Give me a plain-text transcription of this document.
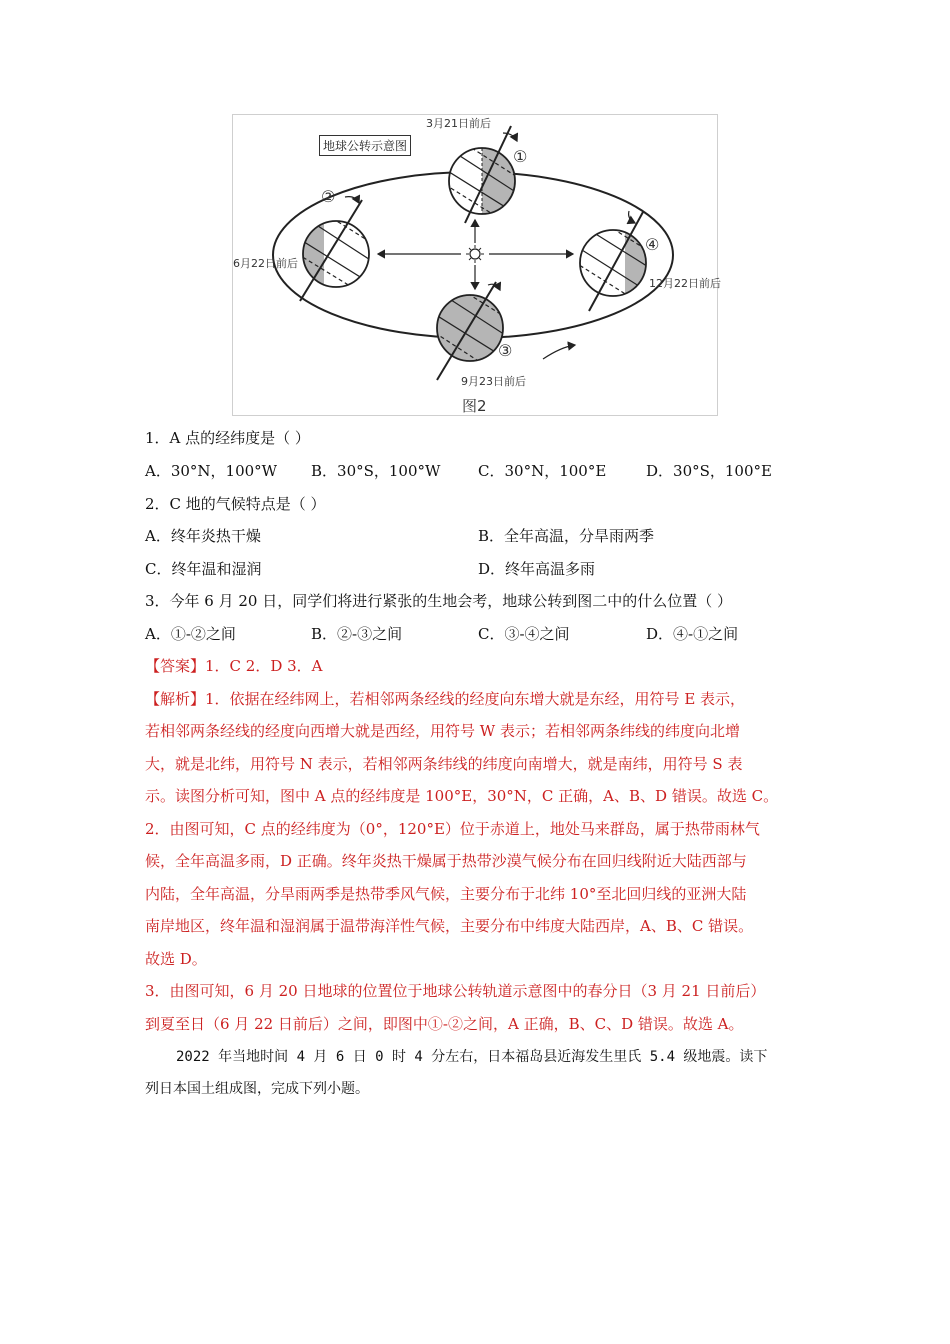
地球公转示意图
3月21日前后
6月22日前后
9月23日前后
12月22日前后
①
②
③
④
图2
1．A 点的经纬度是（ ）
A．30°N，100°W B．30°S，100°W	C．30°N，100°E	D．30°S，100°E
2．C 地的气候特点是（ ）
A．终年炎热干燥	B．全年高温，分旱雨两季
C．终年温和湿润	D．终年高温多雨
3．今年 6 月 20 日，同学们将进行紧张的生地会考，地球公转到图二中的什么位置（ ）
A．①-②之间	B．②-③之间	C．③-④之间	D．④-①之间
【答案】1．C 2．D 3．A
【解析】1．依据在经纬网上，若相邻两条经线的经度向东增大就是东经，用符号 E 表示，
若相邻两条经线的经度向西增大就是西经，用符号 W 表示；若相邻两条纬线的纬度向北增
大，就是北纬，用符号 N 表示，若相邻两条纬线的纬度向南增大，就是南纬，用符号 S 表
示。读图分析可知，图中 A 点的经纬度是 100°E，30°N，C 正确，A、B、D 错误。故选 C。
2．由图可知，C 点的经纬度为（0°，120°E）位于赤道上，地处马来群岛，属于热带雨林气
候，全年高温多雨，D 正确。终年炎热干燥属于热带沙漠气候分布在回归线附近大陆西部与
内陆，全年高温，分旱雨两季是热带季风气候，主要分布于北纬 10°至北回归线的亚洲大陆
南岸地区，终年温和湿润属于温带海洋性气候，主要分布中纬度大陆西岸，A、B、C 错误。
故选 D。
3．由图可知，6 月 20 日地球的位置位于地球公转轨道示意图中的春分日（3 月 21 日前后）
到夏至日（6 月 22 日前后）之间，即图中①-②之间，A 正确，B、C、D 错误。故选 A。
2022 年当地时间 4 月 6 日 0 时 4 分左右，日本福岛县近海发生里氏 5.4 级地震。读下
列日本国土组成图，完成下列小题。
